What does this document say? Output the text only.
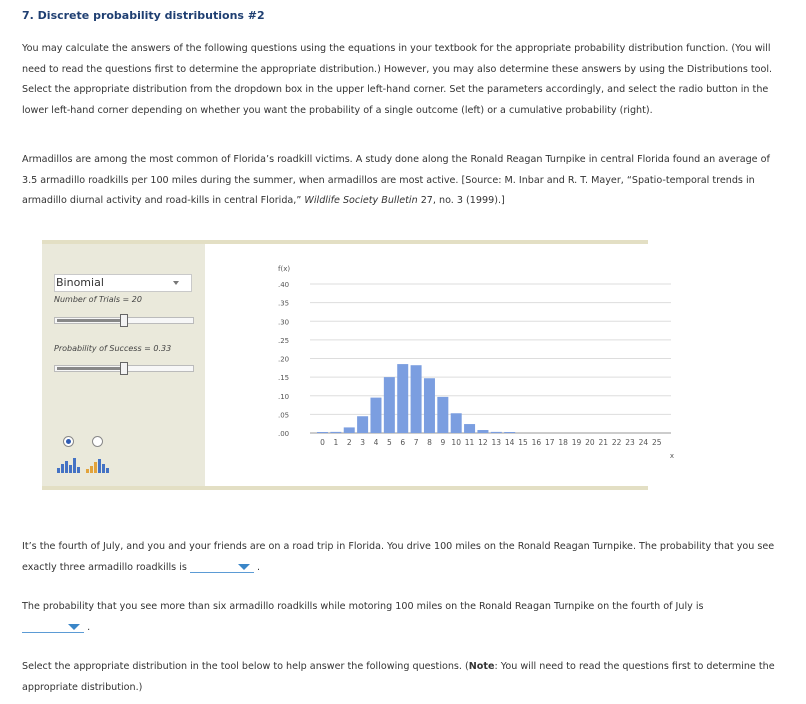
7. Discrete probability distributions #2

You may calculate the answers of the following questions using the equations in your textbook for the appropriate probability distribution function. (You will need to read the questions first to determine the appropriate distribution.) However, you may also determine these answers by using the Distributions tool. Select the appropriate distribution from the dropdown box in the upper left-hand corner. Set the parameters accordingly, and select the radio button in the lower left-hand corner depending on whether you want the probability of a single outcome (left) or a cumulative probability (right).

Armadillos are among the most common of Florida’s roadkill victims. A study done along the Ronald Reagan Turnpike in central Florida found an average of 3.5 armadillo roadkills per 100 miles during the summer, when armadillos are most active. [Source: M. Inbar and R. T. Mayer, “Spatio-temporal trends in armadillo diurnal activity and road-kills in central Florida,” Wildlife Society Bulletin 27, no. 3 (1999).]

Binomial
Number of Trials = 20
Probability of Success = 0.33
f(x)
.00
.05
.10
.15
.20
.25
.30
.35
.40
0 1 2 3 4 5 6 7 8 9 10 11 12 13 14 15 16 17 18 19 20 21 22 23 24 25
x

It’s the fourth of July, and you and your friends are on a road trip in Florida. You drive 100 miles on the Ronald Reagan Turnpike. The probability that you see exactly three armadillo roadkills is	.

The probability that you see more than six armadillo roadkills while motoring 100 miles on the Ronald Reagan Turnpike on the fourth of July is

.

Select the appropriate distribution in the tool below to help answer the following questions. (Note: You will need to read the questions first to determine the appropriate distribution.)
